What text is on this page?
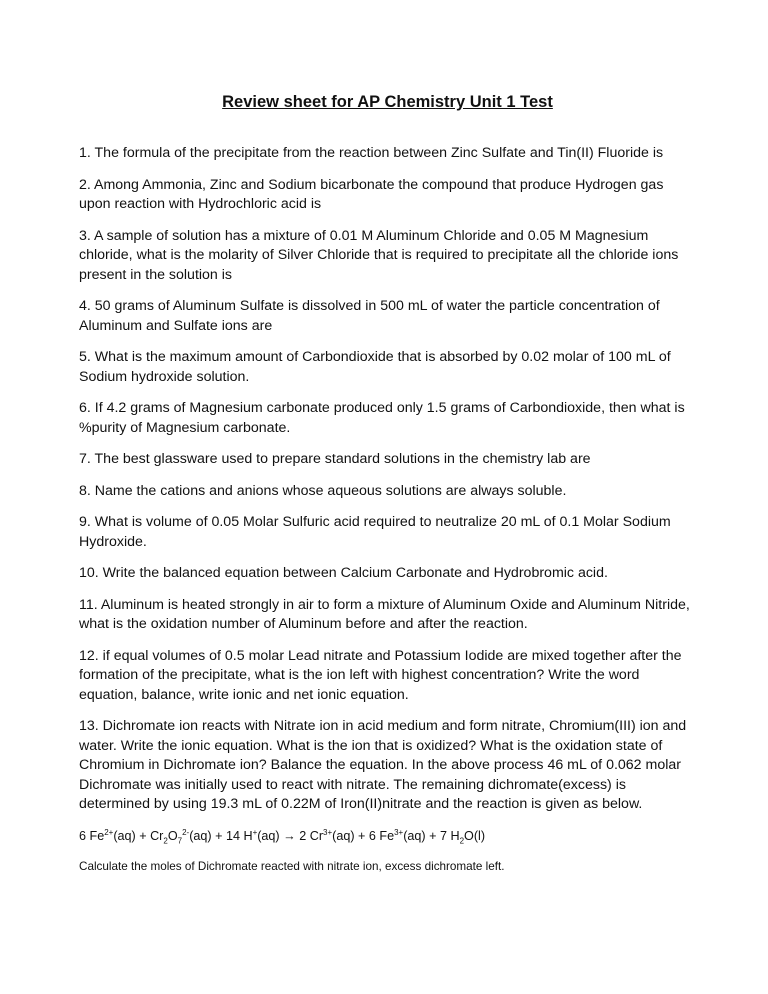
Review sheet for AP Chemistry Unit 1 Test

1. The formula of the precipitate from the reaction between Zinc Sulfate and Tin(II) Fluoride is

2. Among Ammonia, Zinc and Sodium bicarbonate the compound that produce Hydrogen gas upon reaction with Hydrochloric acid is

3. A sample of solution has a mixture of 0.01 M Aluminum Chloride and 0.05 M Magnesium chloride, what is the molarity of Silver Chloride that is required to precipitate all the chloride ions present in the solution is

4. 50 grams of Aluminum Sulfate is dissolved in 500 mL of water the particle concentration of Aluminum and Sulfate ions are

5. What is the maximum amount of Carbondioxide that is absorbed by 0.02 molar of 100 mL of Sodium hydroxide solution.

6. If 4.2 grams of Magnesium carbonate produced only 1.5 grams of Carbondioxide, then what is %purity of Magnesium carbonate.

7. The best glassware used to prepare standard solutions in the chemistry lab are

8. Name the cations and anions whose aqueous solutions are always soluble.

9. What is volume of 0.05 Molar Sulfuric acid required to neutralize 20 mL of 0.1 Molar Sodium Hydroxide.

10. Write the balanced equation between Calcium Carbonate and Hydrobromic acid.

11. Aluminum is heated strongly in air to form a mixture of Aluminum Oxide and Aluminum Nitride, what is the oxidation number of Aluminum before and after the reaction.

12. if equal volumes of 0.5 molar Lead nitrate and Potassium Iodide are mixed together after the formation of the precipitate, what is the ion left with highest concentration? Write the word equation, balance, write ionic and net ionic equation.

13. Dichromate ion reacts with Nitrate ion in acid medium and form nitrate, Chromium(III) ion and water. Write the ionic equation. What is the ion that is oxidized? What is the oxidation state of Chromium in Dichromate ion? Balance the equation. In the above process 46 mL of 0.062 molar Dichromate was initially used to react with nitrate. The remaining dichromate(excess) is determined by using 19.3 mL of 0.22M of Iron(II)nitrate and the reaction is given as below.

6 $Fe^{2+}(aq) + Cr_2O_7^{2-}(aq) + 14$ H+(aq) → 2 $Cr^{3+}(aq) + 6$ $Fe^{3+}(aq) + 7$ $H_2O(l)$

Calculate the moles of Dichromate reacted with nitrate ion, excess dichromate left.
